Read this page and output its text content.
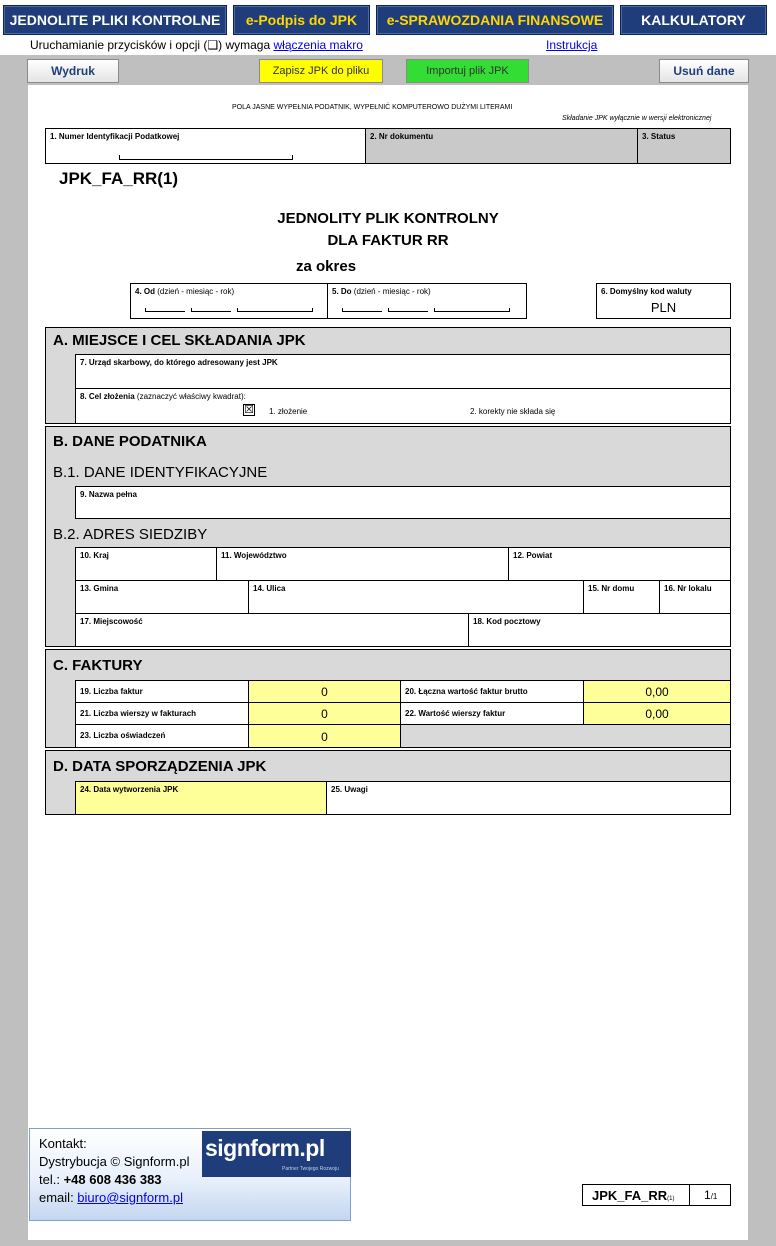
JEDNOLITE PLIKI KONTROLNE	e-Podpis do JPK	e-SPRAWOZDANIA FINANSOWE	KALKULATORY
Uruchamianie przycisków i opcji (❑) wymaga włączenia makro	Instrukcja
Wydruk	Zapisz JPK do pliku	Importuj plik JPK	Usuń dane
POLA JASNE WYPEŁNIA PODATNIK, WYPEŁNIĆ KOMPUTEROWO DUŻYMI LITERAMI
Składanie JPK wyłącznie w wersji elektronicznej
1. Numer Identyfikacji Podatkowej	2. Nr dokumentu	3. Status
JPK_FA_RR(1)
JEDNOLITY PLIK KONTROLNY
DLA FAKTUR RR
za okres
4. Od (dzień - miesiąc - rok)	5. Do (dzień - miesiąc - rok)	6. Domyślny kod waluty
PLN
A. MIEJSCE I CEL SKŁADANIA JPK
7. Urząd skarbowy, do którego adresowany jest JPK
8. Cel złożenia (zaznaczyć właściwy kwadrat):
☒ 1. złożenie	2. korekty nie składa się
B. DANE PODATNIKA
B.1. DANE IDENTYFIKACYJNE
9. Nazwa pełna
B.2. ADRES SIEDZIBY
10. Kraj	11. Województwo	12. Powiat
13. Gmina	14. Ulica	15. Nr domu	16. Nr lokalu
17. Miejscowość	18. Kod pocztowy
C. FAKTURY
19. Liczba faktur	0	20. Łączna wartość faktur brutto	0,00
21. Liczba wierszy w fakturach	0	22. Wartość wierszy faktur	0,00
23. Liczba oświadczeń	0
D. DATA SPORZĄDZENIA JPK
24. Data wytworzenia JPK	25. Uwagi
JPK_FA_RR(1) 1/1
Kontakt:
Dystrybucja © Signform.pl
tel.: +48 608 436 383
email: biuro@signform.pl
signform.pl
Partner Twojego Rozwoju
